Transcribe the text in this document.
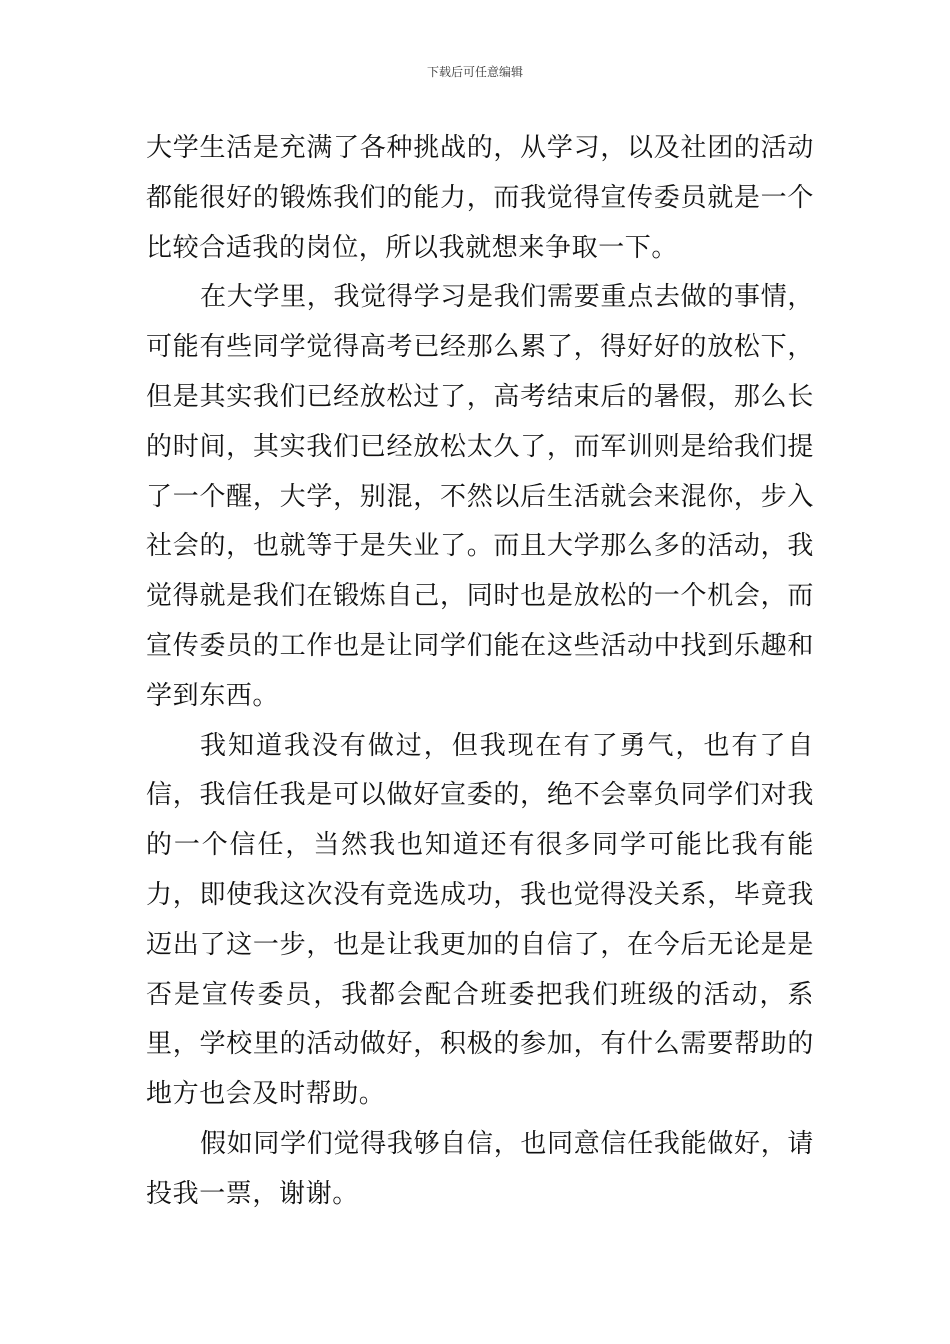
下载后可任意编辑

大学生活是充满了各种挑战的，从学习，以及社团的活动都能很好的锻炼我们的能力，而我觉得宣传委员就是一个比较合适我的岗位，所以我就想来争取一下。

在大学里，我觉得学习是我们需要重点去做的事情，可能有些同学觉得高考已经那么累了，得好好的放松下，但是其实我们已经放松过了，高考结束后的暑假，那么长的时间，其实我们已经放松太久了，而军训则是给我们提了一个醒，大学，别混，不然以后生活就会来混你，步入社会的，也就等于是失业了。而且大学那么多的活动，我觉得就是我们在锻炼自己，同时也是放松的一个机会，而宣传委员的工作也是让同学们能在这些活动中找到乐趣和学到东西。

我知道我没有做过，但我现在有了勇气，也有了自信，我信任我是可以做好宣委的，绝不会辜负同学们对我的一个信任，当然我也知道还有很多同学可能比我有能力，即使我这次没有竞选成功，我也觉得没关系，毕竟我迈出了这一步，也是让我更加的自信了，在今后无论是是否是宣传委员，我都会配合班委把我们班级的活动，系里，学校里的活动做好，积极的参加，有什么需要帮助的地方也会及时帮助。

假如同学们觉得我够自信，也同意信任我能做好，请投我一票，谢谢。
